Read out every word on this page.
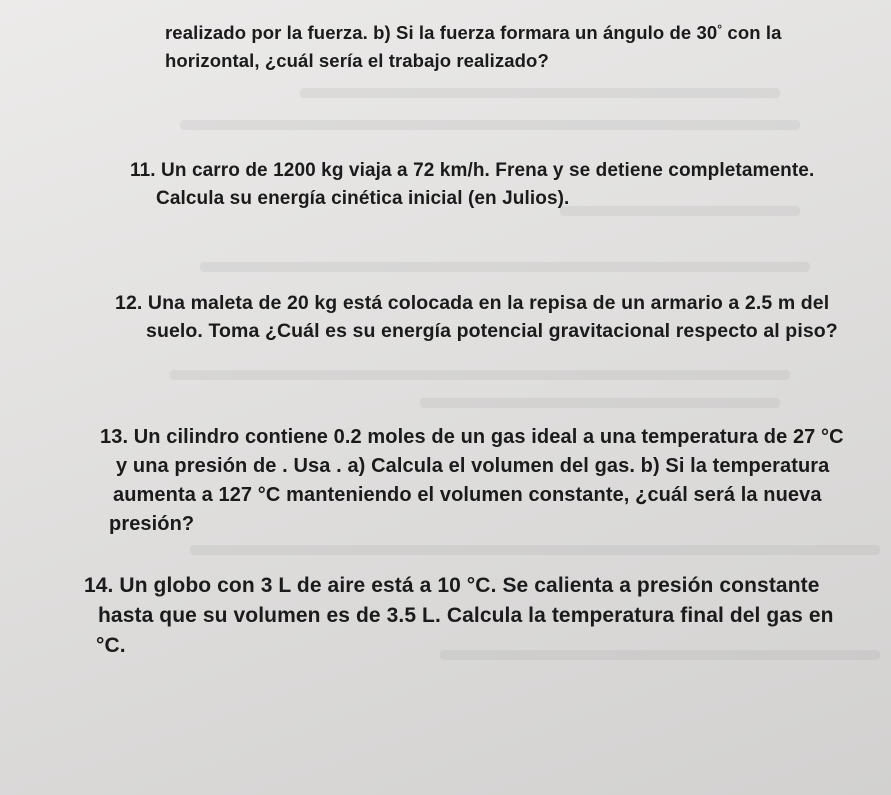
realizado por la fuerza. b) Si la fuerza formara un ángulo de 30° con la
horizontal, ¿cuál sería el trabajo realizado?
11. Un carro de 1200 kg viaja a 72 km/h. Frena y se detiene completamente.
Calcula su energía cinética inicial (en Julios).
12. Una maleta de 20 kg está colocada en la repisa de un armario a 2.5 m del
suelo. Toma ¿Cuál es su energía potencial gravitacional respecto al piso?
13. Un cilindro contiene 0.2 moles de un gas ideal a una temperatura de 27 °C
y una presión de . Usa . a) Calcula el volumen del gas. b) Si la temperatura
aumenta a 127 °C manteniendo el volumen constante, ¿cuál será la nueva
presión?
14. Un globo con 3 L de aire está a 10 °C. Se calienta a presión constante
hasta que su volumen es de 3.5 L. Calcula la temperatura final del gas en
°C.
